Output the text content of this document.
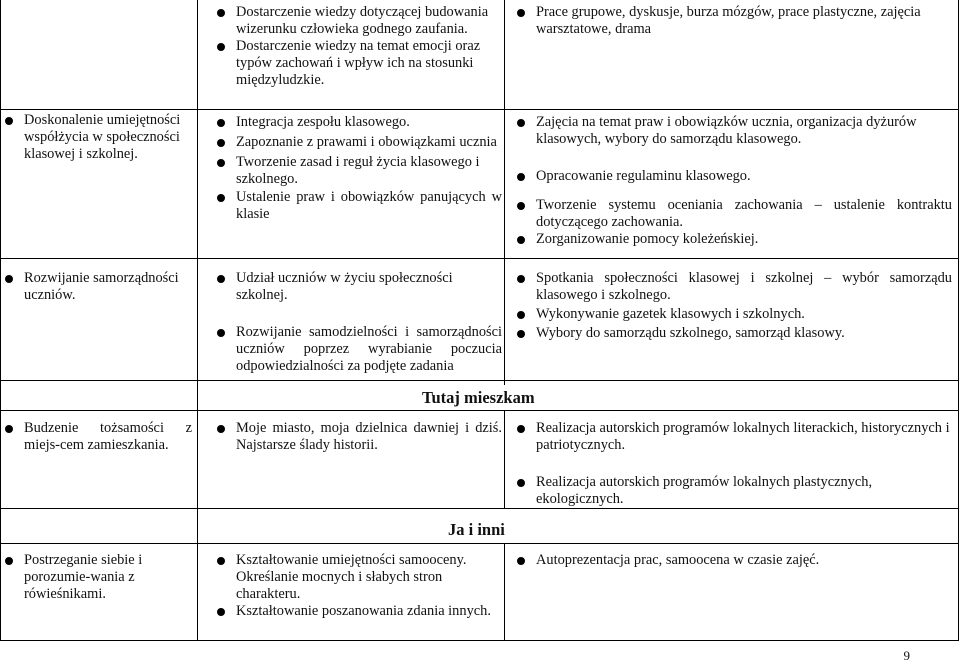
Dostarczenie wiedzy dotyczącej budowania wizerunku człowieka godnego zaufania.
Dostarczenie wiedzy na temat emocji oraz typów zachowań i wpływ ich na stosunki międzyludzkie.
Prace grupowe, dyskusje, burza mózgów, prace plastyczne, zajęcia warsztatowe, drama
Doskonalenie umiejętności współżycia w społeczności klasowej i szkolnej.
Integracja zespołu klasowego.
Zapoznanie z prawami i obowiązkami ucznia
Tworzenie zasad i reguł życia klasowego i szkolnego.
Ustalenie praw i obowiązków panujących w klasie
Zajęcia na temat praw i obowiązków ucznia, organizacja dyżurów klasowych, wybory do samorządu klasowego.
Opracowanie regulaminu klasowego.
Tworzenie systemu oceniania zachowania – ustalenie kontraktu dotyczącego zachowania.
Zorganizowanie pomocy koleżeńskiej.
Rozwijanie samorządności uczniów.
Udział uczniów w życiu społeczności szkolnej.
Rozwijanie samodzielności i samorządności uczniów poprzez wyrabianie poczucia odpowiedzialności za podjęte zadania
Spotkania społeczności klasowej i szkolnej – wybór samorządu klasowego i szkolnego.
Wykonywanie gazetek klasowych i szkolnych.
Wybory do samorządu szkolnego, samorząd klasowy.
Tutaj mieszkam
Budzenie tożsamości z miejs-cem zamieszkania.
Moje miasto, moja dzielnica dawniej i dziś. Najstarsze ślady historii.
Realizacja autorskich programów lokalnych literackich, historycznych i patriotycznych.
Realizacja autorskich programów lokalnych plastycznych, ekologicznych.
Ja i inni
Postrzeganie siebie i porozumie-wania z rówieśnikami.
Kształtowanie umiejętności samooceny. Określanie mocnych i słabych stron charakteru.
Kształtowanie poszanowania zdania innych.
Autoprezentacja prac, samoocena w czasie zajęć.
9
